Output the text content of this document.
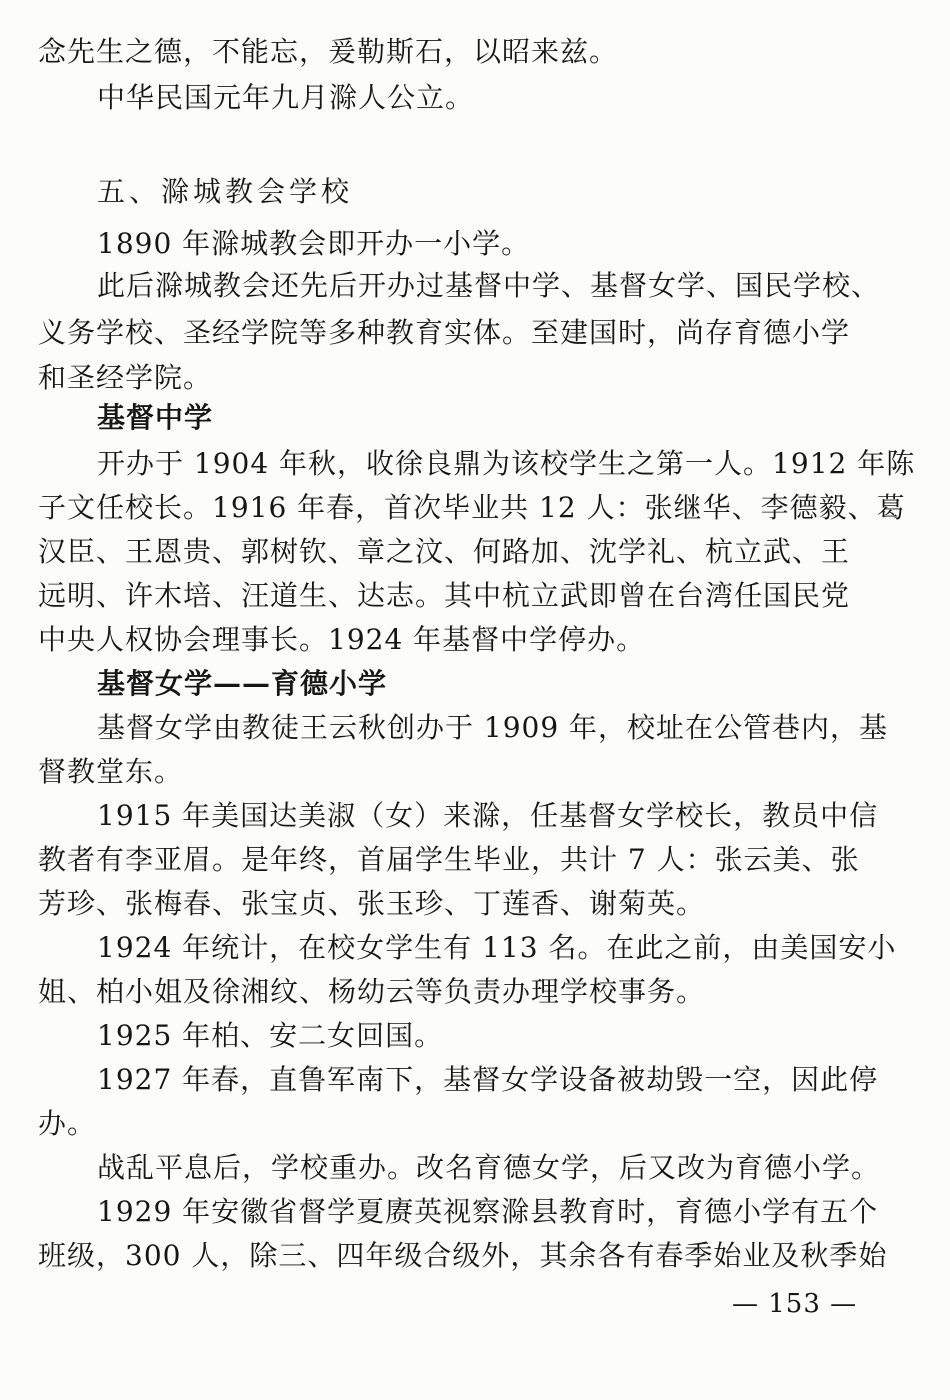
念先生之德，不能忘，爰勒斯石，以昭来兹。
中华民国元年九月滁人公立。
五、滁城教会学校
1890 年滁城教会即开办一小学。
此后滁城教会还先后开办过基督中学、基督女学、国民学校、
义务学校、圣经学院等多种教育实体。至建国时，尚存育德小学
和圣经学院。
基督中学
开办于 1904 年秋，收徐良鼎为该校学生之第一人。1912 年陈
子文任校长。1916 年春，首次毕业共 12 人：张继华、李德毅、葛
汉臣、王恩贵、郭树钦、章之汶、何路加、沈学礼、杭立武、王
远明、许木培、汪道生、达志。其中杭立武即曾在台湾任国民党
中央人权协会理事长。1924 年基督中学停办。
基督女学——育德小学
基督女学由教徒王云秋创办于 1909 年，校址在公管巷内，基
督教堂东。
1915 年美国达美淑（女）来滁，任基督女学校长，教员中信
教者有李亚眉。是年终，首届学生毕业，共计 7 人：张云美、张
芳珍、张梅春、张宝贞、张玉珍、丁莲香、谢菊英。
1924 年统计，在校女学生有 113 名。在此之前，由美国安小
姐、柏小姐及徐湘纹、杨幼云等负责办理学校事务。
1925 年柏、安二女回国。
1927 年春，直鲁军南下，基督女学设备被劫毁一空，因此停
办。
战乱平息后，学校重办。改名育德女学，后又改为育德小学。
1929 年安徽省督学夏赓英视察滁县教育时，育德小学有五个
班级，300 人，除三、四年级合级外，其余各有春季始业及秋季始
— 153 —
